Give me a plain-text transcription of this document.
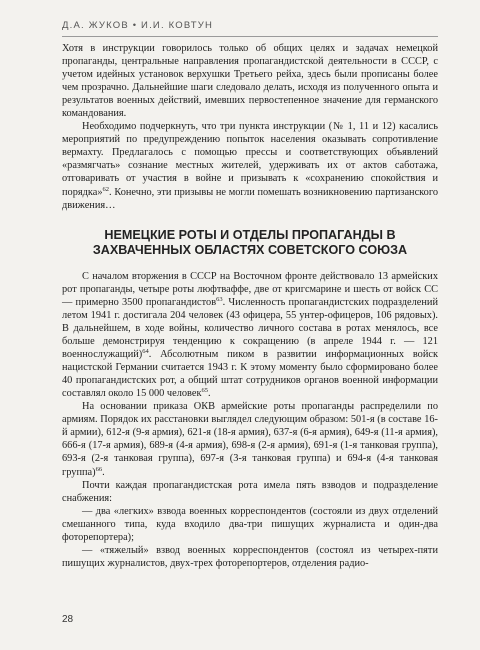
Д.А. ЖУКОВ • И.И. КОВТУН

Хотя в инструкции говорилось только об общих целях и задачах немецкой пропаганды, центральные направления пропагандистской деятельности в СССР, с учетом идейных установок верхушки Третьего рейха, здесь были прописаны более чем прозрачно. Дальнейшие шаги следовало делать, исходя из полученного опыта и результатов военных действий, имевших первостепенное значение для германского командования.

Необходимо подчеркнуть, что три пункта инструкции (№ 1, 11 и 12) касались мероприятий по предупреждению попыток населения оказывать сопротивление вермахту. Предлагалось с помощью прессы и соответствующих объявлений «размягчать» сознание местных жителей, удерживать их от актов саботажа, отговаривать от участия в войне и призывать к «сохранению спокойствия и порядка»$^{62}$. Конечно, эти призывы не могли помешать возникновению партизанского движения…

НЕМЕЦКИЕ РОТЫ И ОТДЕЛЫ ПРОПАГАНДЫ В ЗАХВАЧЕННЫХ ОБЛАСТЯХ СОВЕТСКОГО СОЮЗА

С началом вторжения в СССР на Восточном фронте действовало 13 армейских рот пропаганды, четыре роты люфтваффе, две от кригсмарине и шесть от войск СС — примерно 3500 пропагандистов$^{63}$. Численность пропагандистских подразделений летом 1941 г. достигала 204 человек (43 офицера, 55 унтер-офицеров, 106 рядовых). В дальнейшем, в ходе войны, количество личного состава в ротах менялось, все больше демонстрируя тенденцию к сокращению (в апреле 1944 г. — 121 военнослужащий)$^{64}$. Абсолютным пиком в развитии информационных войск нацистской Германии считается 1943 г. К этому моменту было сформировано более 40 пропагандистских рот, а общий штат сотрудников органов военной информации составлял около 15 000 человек$^{65}$.

На основании приказа ОКВ армейские роты пропаганды распределили по армиям. Порядок их расстановки выглядел следующим образом: 501-я (в составе 16-й армии), 612-я (9-я армия), 621-я (18-я армия), 637-я (6-я армия), 649-я (11-я армия), 666-я (17-я армия), 689-я (4-я армия), 698-я (2-я армия), 691-я (1-я танковая группа), 693-я (2-я танковая группа), 697-я (3-я танковая группа) и 694-я (4-я танковая группа)$^{66}$.

Почти каждая пропагандистская рота имела пять взводов и подразделение снабжения:

— два «легких» взвода военных корреспондентов (состояли из двух отделений смешанного типа, куда входило два-три пишущих журналиста и один-два фоторепортера);

— «тяжелый» взвод военных корреспондентов (состоял из четырех-пяти пишущих журналистов, двух-трех фоторепортеров, отделения радио-

28
